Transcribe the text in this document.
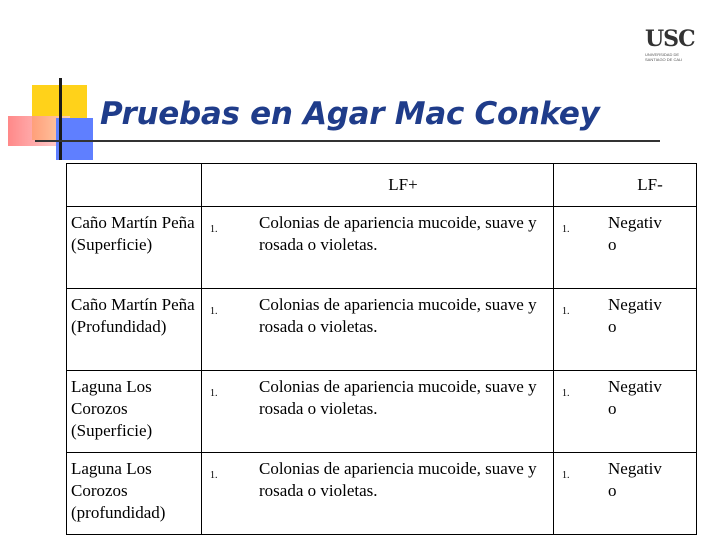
Pruebas en Agar Mac Conkey
USC
UNIVERSIDAD DE SANTIAGO DE CALI
		LF+		LF-
Caño Martín Peña (Superficie)	1.	Colonias de apariencia mucoide, suave y rosada o violetas.	1.	Negativo

Caño Martín Peña (Profundidad)	1.	Colonias de apariencia mucoide, suave y rosada o violetas.	1.	Negativo

Laguna Los Corozos (Superficie)	1.	Colonias de apariencia mucoide, suave y rosada o violetas.	1.	Negativo

Laguna Los Corozos (profundidad)	1.	Colonias de apariencia mucoide, suave y rosada o violetas.	1.	Negativo
